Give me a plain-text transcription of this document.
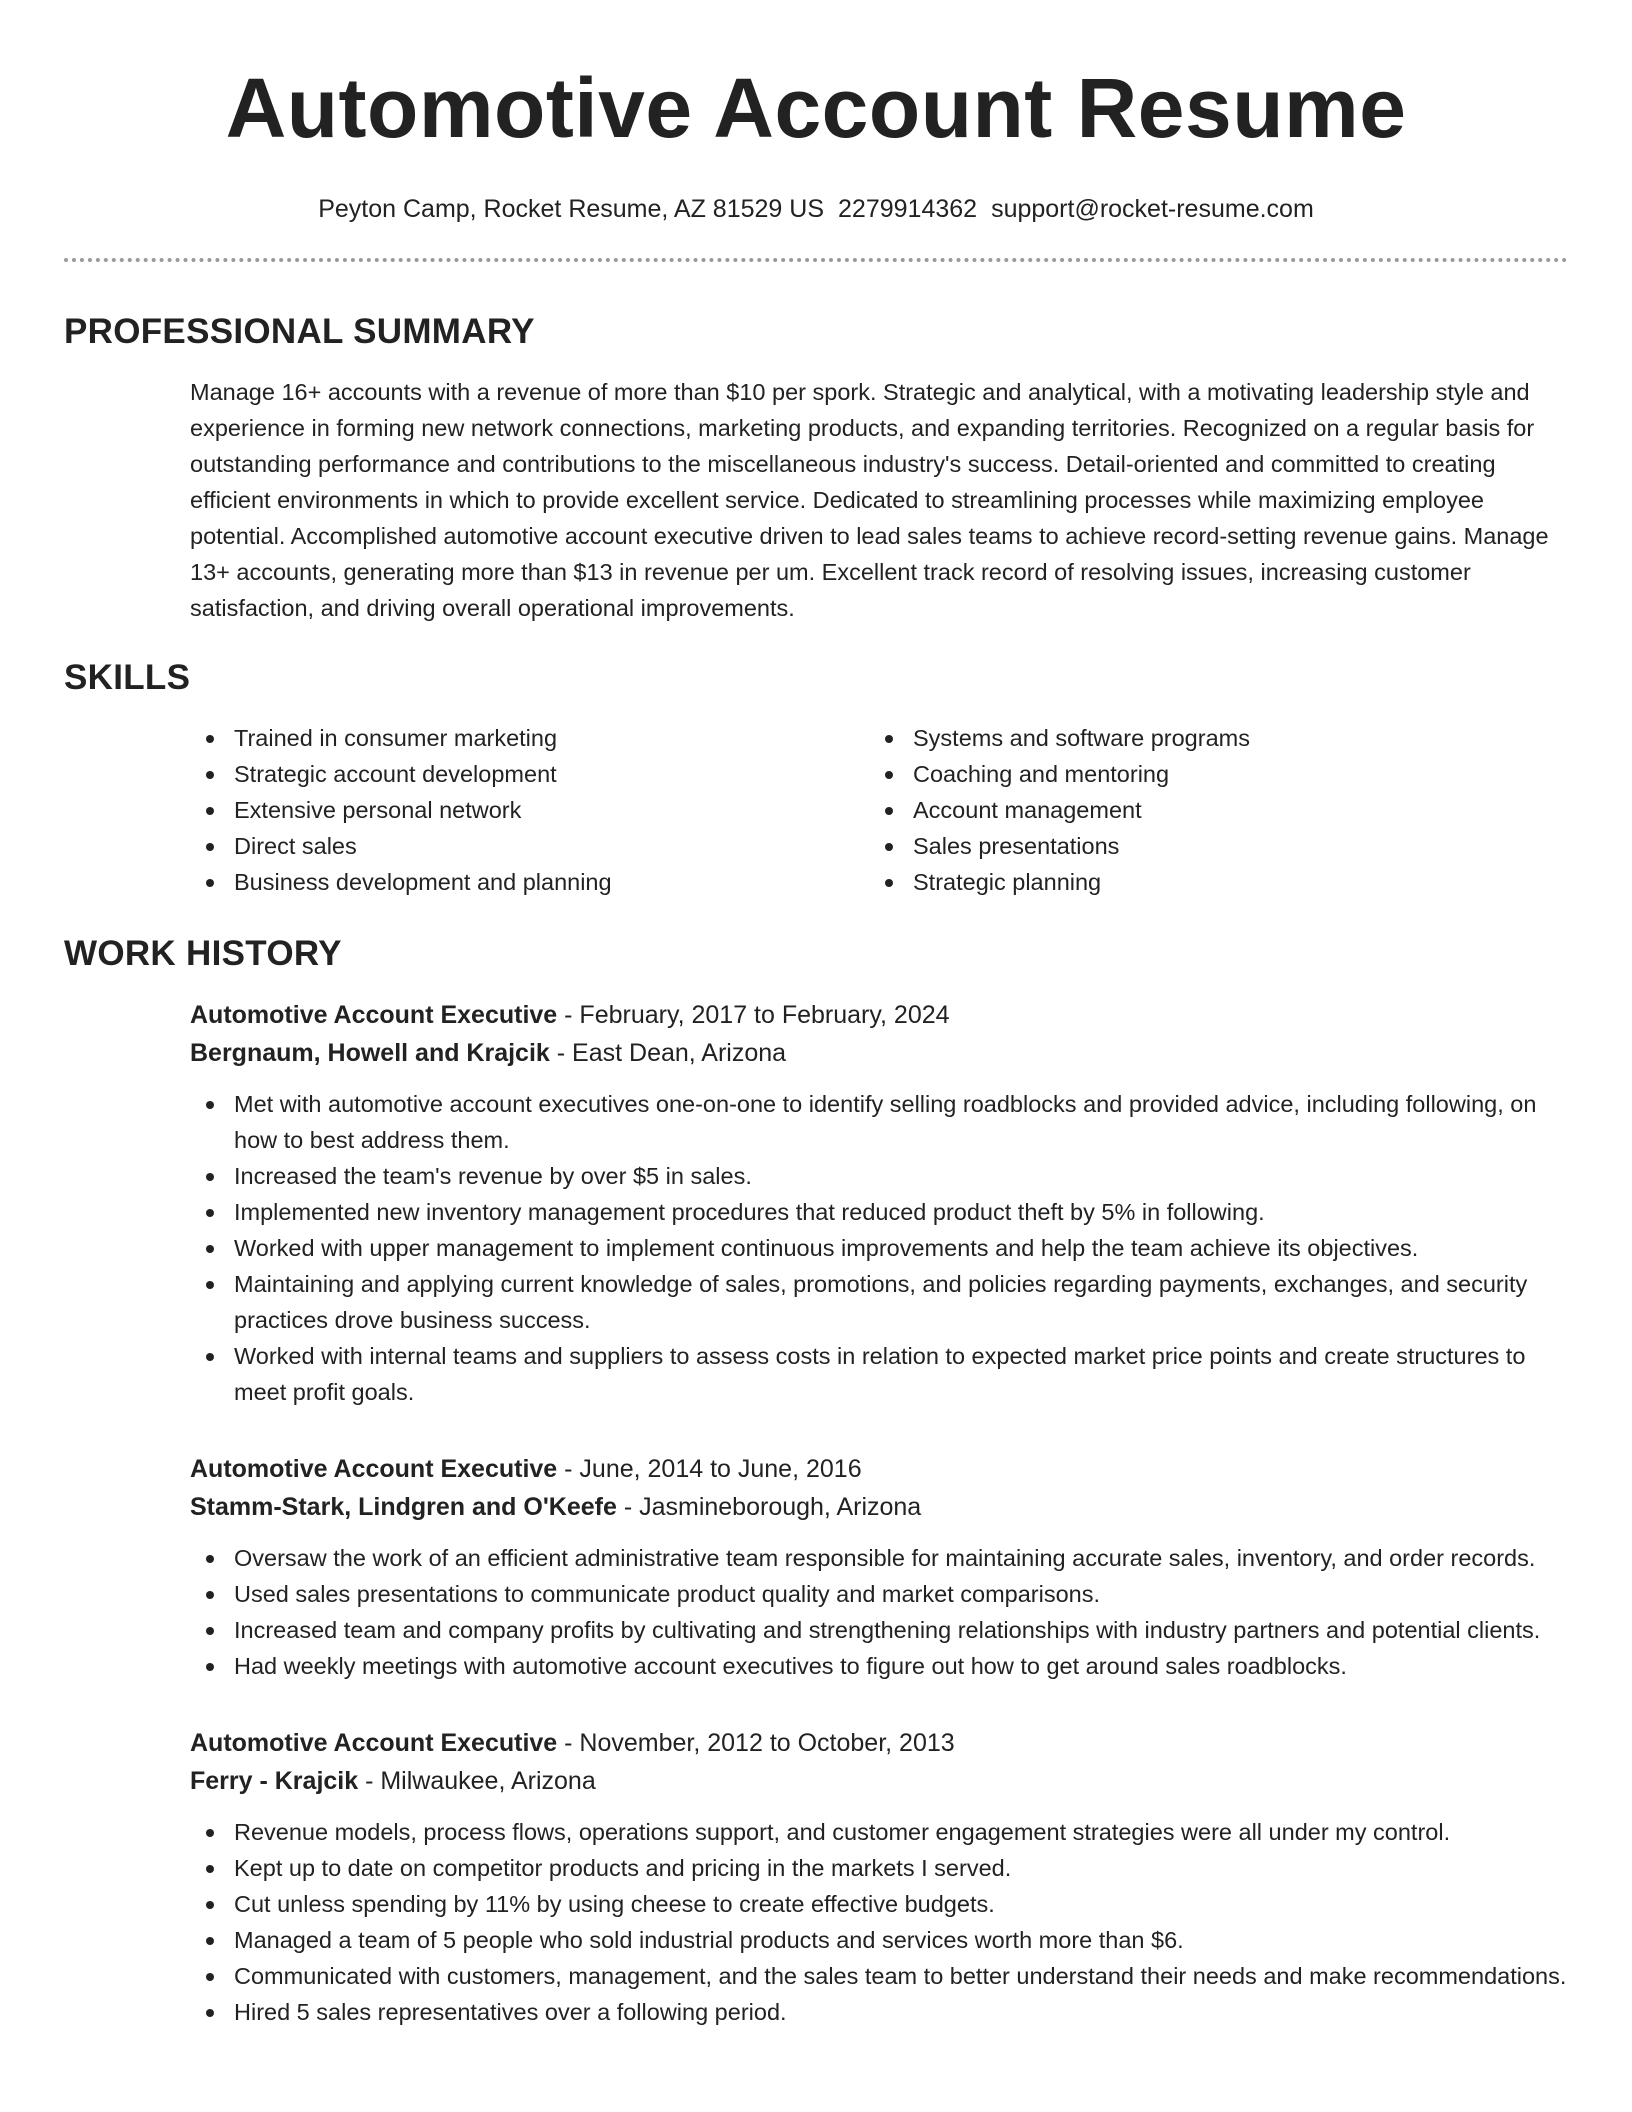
Automotive Account Resume
Peyton Camp, Rocket Resume, AZ 81529 US 2279914362 support@rocket-resume.com
PROFESSIONAL SUMMARY

Manage 16+ accounts with a revenue of more than $10 per spork. Strategic and analytical, with a motivating leadership style and experience in forming new network connections, marketing products, and expanding territories. Recognized on a regular basis for outstanding performance and contributions to the miscellaneous industry's success. Detail-oriented and committed to creating efficient environments in which to provide excellent service. Dedicated to streamlining processes while maximizing employee potential. Accomplished automotive account executive driven to lead sales teams to achieve record-setting revenue gains. Manage 13+ accounts, generating more than $13 in revenue per um. Excellent track record of resolving issues, increasing customer satisfaction, and driving overall operational improvements.

SKILLS
Trained in consumer marketing
Strategic account development
Extensive personal network
Direct sales
Business development and planning
Systems and software programs
Coaching and mentoring
Account management
Sales presentations
Strategic planning
WORK HISTORY
Automotive Account Executive - February, 2017 to February, 2024
Bergnaum, Howell and Krajcik - East Dean, Arizona
Met with automotive account executives one-on-one to identify selling roadblocks and provided advice, including following, on how to best address them.
Increased the team's revenue by over $5 in sales.
Implemented new inventory management procedures that reduced product theft by 5% in following.
Worked with upper management to implement continuous improvements and help the team achieve its objectives.
Maintaining and applying current knowledge of sales, promotions, and policies regarding payments, exchanges, and security practices drove business success.
Worked with internal teams and suppliers to assess costs in relation to expected market price points and create structures to meet profit goals.
Automotive Account Executive - June, 2014 to June, 2016
Stamm-Stark, Lindgren and O'Keefe - Jasmineborough, Arizona
Oversaw the work of an efficient administrative team responsible for maintaining accurate sales, inventory, and order records.
Used sales presentations to communicate product quality and market comparisons.
Increased team and company profits by cultivating and strengthening relationships with industry partners and potential clients.
Had weekly meetings with automotive account executives to figure out how to get around sales roadblocks.
Automotive Account Executive - November, 2012 to October, 2013
Ferry - Krajcik - Milwaukee, Arizona
Revenue models, process flows, operations support, and customer engagement strategies were all under my control.
Kept up to date on competitor products and pricing in the markets I served.
Cut unless spending by 11% by using cheese to create effective budgets.
Managed a team of 5 people who sold industrial products and services worth more than $6.
Communicated with customers, management, and the sales team to better understand their needs and make recommendations.
Hired 5 sales representatives over a following period.
